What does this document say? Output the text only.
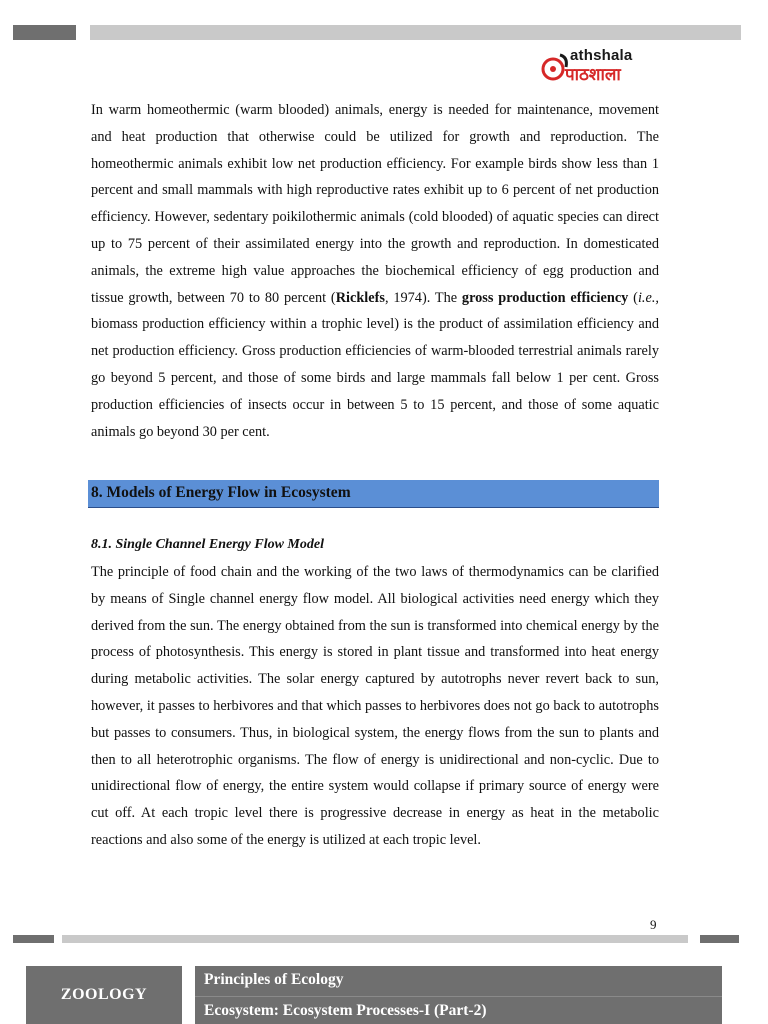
athshala
पाठशाला

In warm homeothermic (warm blooded) animals, energy is needed for maintenance, movement and heat production that otherwise could be utilized for growth and reproduction. The homeothermic animals exhibit low net production efficiency. For example birds show less than 1 percent and small mammals with high reproductive rates exhibit up to 6 percent of net production efficiency. However, sedentary poikilothermic animals (cold blooded) of aquatic species can direct up to 75 percent of their assimilated energy into the growth and reproduction. In domesticated animals, the extreme high value approaches the biochemical efficiency of egg production and tissue growth, between 70 to 80 percent (Ricklefs, 1974). The gross production efficiency (i.e., biomass production efficiency within a trophic level) is the product of assimilation efficiency and net production efficiency. Gross production efficiencies of warm-blooded terrestrial animals rarely go beyond 5 percent, and those of some birds and large mammals fall below 1 per cent. Gross production efficiencies of insects occur in between 5 to 15 percent, and those of some aquatic animals go beyond 30 per cent.

8. Models of Energy Flow in Ecosystem
8.1. Single Channel Energy Flow Model

The principle of food chain and the working of the two laws of thermodynamics can be clarified by means of Single channel energy flow model. All biological activities need energy which they derived from the sun. The energy obtained from the sun is transformed into chemical energy by the process of photosynthesis. This energy is stored in plant tissue and transformed into heat energy during metabolic activities. The solar energy captured by autotrophs never revert back to sun, however, it passes to herbivores and that which passes to herbivores does not go back to autotrophs but passes to consumers. Thus, in biological system, the energy flows from the sun to plants and then to all heterotrophic organisms. The flow of energy is unidirectional and non-cyclic. Due to unidirectional flow of energy, the entire system would collapse if primary source of energy were cut off. At each tropic level there is progressive decrease in energy as heat in the metabolic reactions and also some of the energy is utilized at each tropic level.

9
ZOOLOGY
Principles of Ecology
Ecosystem: Ecosystem Processes-I (Part-2)
